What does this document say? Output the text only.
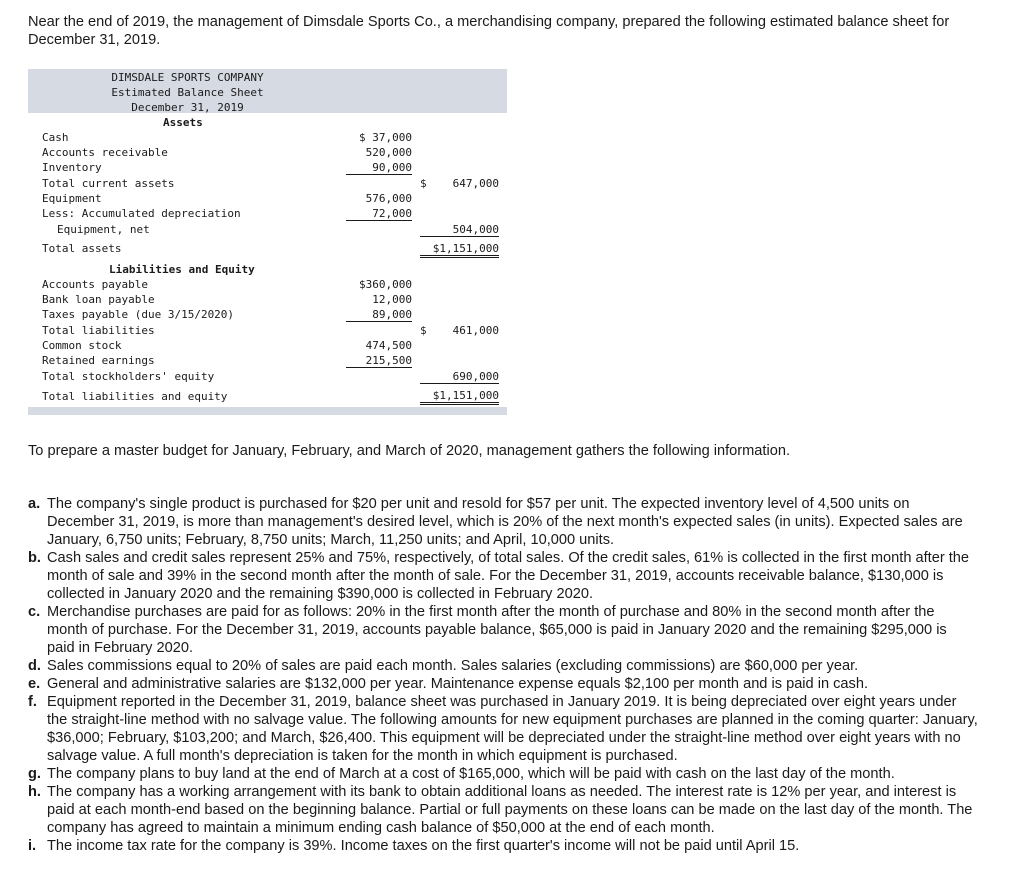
Near the end of 2019, the management of Dimsdale Sports Co., a merchandising company, prepared the following estimated balance sheet for December 31, 2019.

DIMSDALE SPORTS COMPANY
Estimated Balance Sheet
December 31, 2019
Assets
Cash	$ 37,000
Accounts receivable	520,000
Inventory	90,000
Total current assets	$	647,000
Equipment	576,000
Less: Accumulated depreciation	72,000
Equipment, net	504,000
Total assets	$1,151,000
Liabilities and Equity
Accounts payable	$360,000
Bank loan payable	12,000
Taxes payable (due 3/15/2020)	89,000
Total liabilities	$	461,000
Common stock	474,500
Retained earnings	215,500
Total stockholders' equity	690,000
Total liabilities and equity	$1,151,000

To prepare a master budget for January, February, and March of 2020, management gathers the following information.

a. The company's single product is purchased for $20 per unit and resold for $57 per unit. The expected inventory level of 4,500 units on December 31, 2019, is more than management's desired level, which is 20% of the next month's expected sales (in units). Expected sales are January, 6,750 units; February, 8,750 units; March, 11,250 units; and April, 10,000 units.
b. Cash sales and credit sales represent 25% and 75%, respectively, of total sales. Of the credit sales, 61% is collected in the first month after the month of sale and 39% in the second month after the month of sale. For the December 31, 2019, accounts receivable balance, $130,000 is collected in January 2020 and the remaining $390,000 is collected in February 2020.
c. Merchandise purchases are paid for as follows: 20% in the first month after the month of purchase and 80% in the second month after the month of purchase. For the December 31, 2019, accounts payable balance, $65,000 is paid in January 2020 and the remaining $295,000 is paid in February 2020.
d. Sales commissions equal to 20% of sales are paid each month. Sales salaries (excluding commissions) are $60,000 per year.
e. General and administrative salaries are $132,000 per year. Maintenance expense equals $2,100 per month and is paid in cash.
f. Equipment reported in the December 31, 2019, balance sheet was purchased in January 2019. It is being depreciated over eight years under the straight-line method with no salvage value. The following amounts for new equipment purchases are planned in the coming quarter: January, $36,000; February, $103,200; and March, $26,400. This equipment will be depreciated under the straight-line method over eight years with no salvage value. A full month's depreciation is taken for the month in which equipment is purchased.
g. The company plans to buy land at the end of March at a cost of $165,000, which will be paid with cash on the last day of the month.
h. The company has a working arrangement with its bank to obtain additional loans as needed. The interest rate is 12% per year, and interest is paid at each month-end based on the beginning balance. Partial or full payments on these loans can be made on the last day of the month. The company has agreed to maintain a minimum ending cash balance of $50,000 at the end of each month.
i. The income tax rate for the company is 39%. Income taxes on the first quarter's income will not be paid until April 15.
